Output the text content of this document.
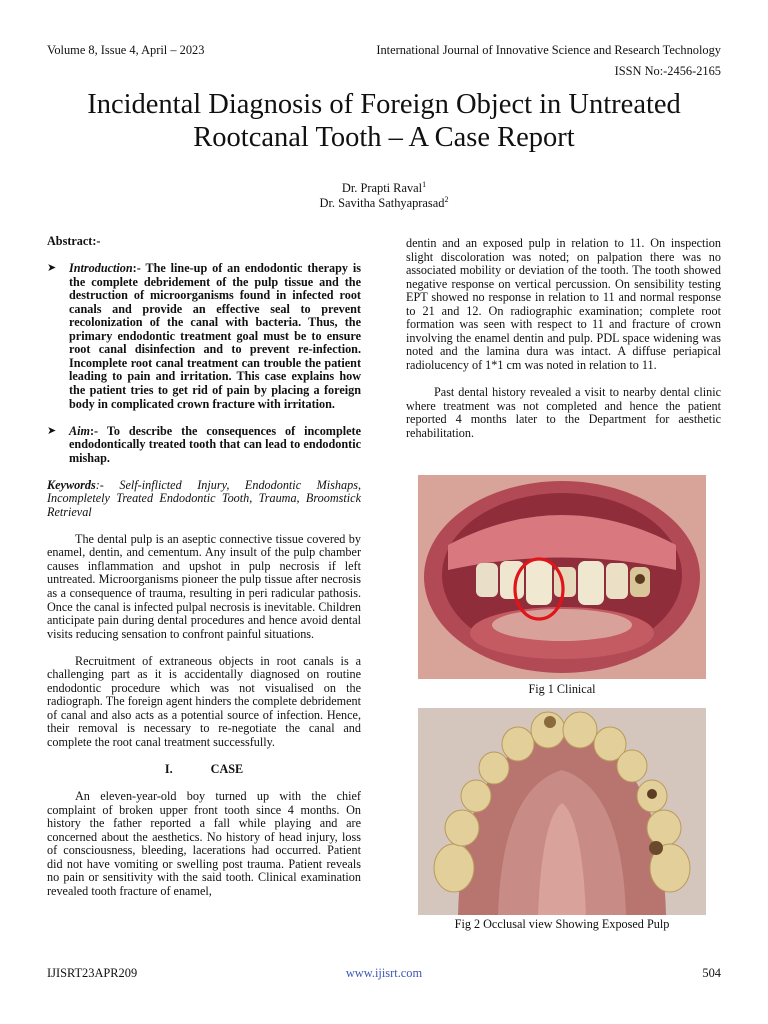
Volume 8, Issue 4, April – 2023	International Journal of Innovative Science and Research Technology
ISSN No:-2456-2165
Incidental Diagnosis of Foreign Object in Untreated
Rootcanal Tooth – A Case Report
Dr. Prapti Raval$^1$
Dr. Savitha Sathyaprasad$^2$

Abstract:-

➤	Introduction:- The line-up of an endodontic therapy is the complete debridement of the pulp tissue and the destruction of microorganisms found in infected root canals and provide an effective seal to prevent recolonization of the canal with bacteria. Thus, the primary endodontic treatment goal must be to ensure root canal disinfection and to prevent re-infection. Incomplete root canal treatment can trouble the patient leading to pain and irritation. This case explains how the patient tries to get rid of pain by placing a foreign body in complicated crown fracture with irritation.
➤	Aim:- To describe the consequences of incomplete endodontically treated tooth that can lead to endodontic mishap.

Keywords:- Self-inflicted Injury, Endodontic Mishaps, Incompletely Treated Endodontic Tooth, Trauma, Broomstick Retrieval

The dental pulp is an aseptic connective tissue covered by enamel, dentin, and cementum. Any insult of the pulp chamber causes inflammation and upshot in pulp necrosis if left untreated. Microorganisms pioneer the pulp tissue after necrosis as a consequence of trauma, resulting in peri radicular pathosis. Once the canal is infected pulpal necrosis is inevitable. Children anticipate pain during dental procedures and hence avoid dental visits reducing sensation to confront painful situations.

Recruitment of extraneous objects in root canals is a challenging part as it is accidentally diagnosed on routine endodontic procedure which was not visualised on the radiograph. The foreign agent hinders the complete debridement of canal and also acts as a potential source of infection. Hence, their removal is necessary to re-negotiate the canal and complete the root canal treatment successfully.

I.	CASE

An eleven-year-old boy turned up with the chief complaint of broken upper front tooth since 4 months. On history the father reported a fall while playing and are concerned about the aesthetics. No history of head injury, loss of consciousness, bleeding, lacerations had occurred. Patient did not have vomiting or swelling post trauma. Patient reveals no pain or sensitivity with the said tooth. Clinical examination revealed tooth fracture of enamel,

dentin and an exposed pulp in relation to 11. On inspection slight discoloration was noted; on palpation there was no associated mobility or deviation of the tooth. The tooth showed negative response on vertical percussion. On sensibility testing EPT showed no response in relation to 11 and normal response to 21 and 12. On radiographic examination; complete root formation was seen with respect to 11 and fracture of crown involving the enamel dentin and pulp. PDL space widening was noted and the lamina dura was intact. A diffuse periapical radiolucency of 1*1 cm was noted in relation to 11.

Past dental history revealed a visit to nearby dental clinic where treatment was not completed and hence the patient reported 4 months later to the Department for aesthetic rehabilitation.

Fig 1 Clinical
Fig 2 Occlusal view Showing Exposed Pulp
IJISRT23APR209	www.ijisrt.com	504
